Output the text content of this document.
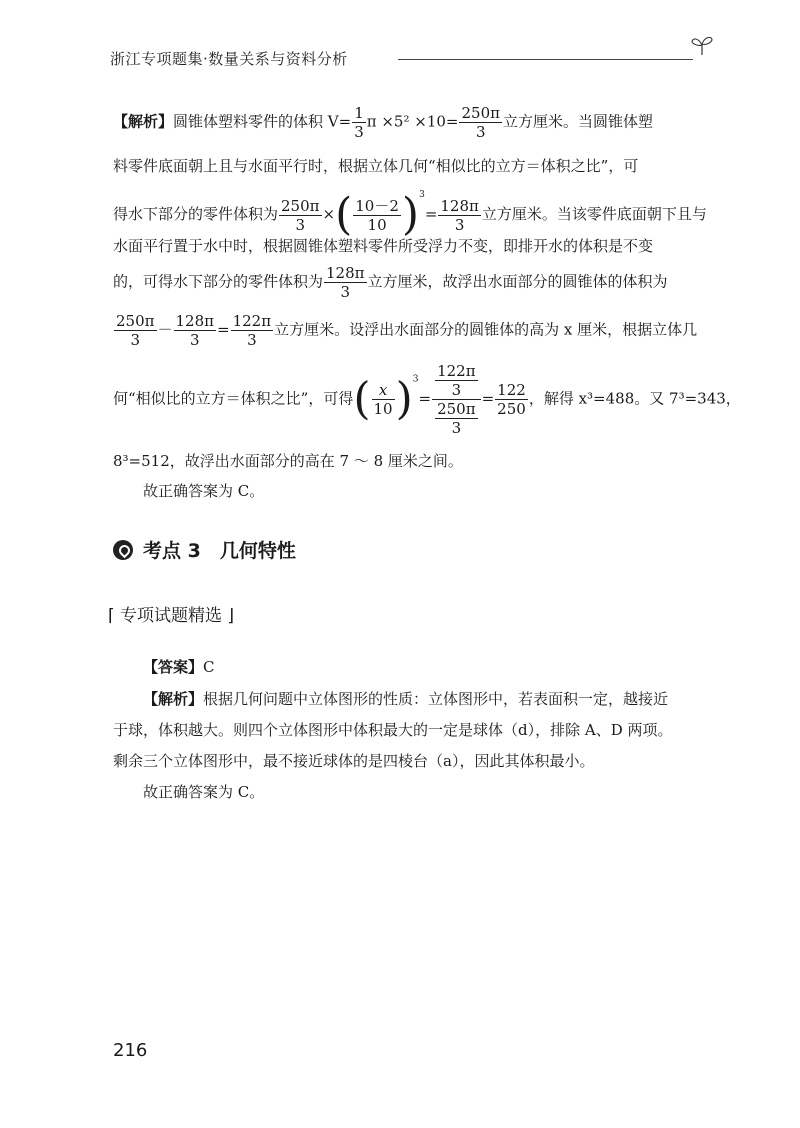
浙江专项题集·数量关系与资料分析
【解析】圆锥体塑料零件的体积 $V= \frac{1}{3}$ $\pi \times 5^2 \times 10= \frac{250\pi}{3}$ 立方厘米。当圆锥体塑
料零件底面朝上且与水面平行时，根据立体几何“相似比的立方＝体积之比”，可
得水下部分的零件体积为 $\frac{250\pi}{3}$ ×( $\frac{10-2}{10} )^3= \frac{128\pi}{3}$ 立方厘米。当该零件底面朝下且与
水面平行置于水中时，根据圆锥体塑料零件所受浮力不变，即排开水的体积是不变
的，可得水下部分的零件体积为 $\frac{128\pi}{3}$ 立方厘米，故浮出水面部分的圆锥体的体积为
$\frac{250\pi}{3} - \frac{128\pi}{3} = \frac{122\pi}{3}$ 立方厘米。设浮出水面部分的圆锥体的高为 x 厘米，根据立体几
何“相似比的立方＝体积之比”，可得( $\frac{x}{10} )^3= \frac{\frac{122\pi}{3}}{\frac{250\pi}{3}} = \frac{122}{250}$ ，解得 x³=488。又 7³=343，
8³=512，故浮出水面部分的高在 7 ～ 8 厘米之间。
故正确答案为 C。
考点 3　几何特性
⌈ 专项试题精选 ⌋
【答案】C
【解析】根据几何问题中立体图形的性质：立体图形中，若表面积一定，越接近
于球，体积越大。则四个立体图形中体积最大的一定是球体（d），排除 A、D 两项。
剩余三个立体图形中，最不接近球体的是四棱台（a），因此其体积最小。
故正确答案为 C。
216
